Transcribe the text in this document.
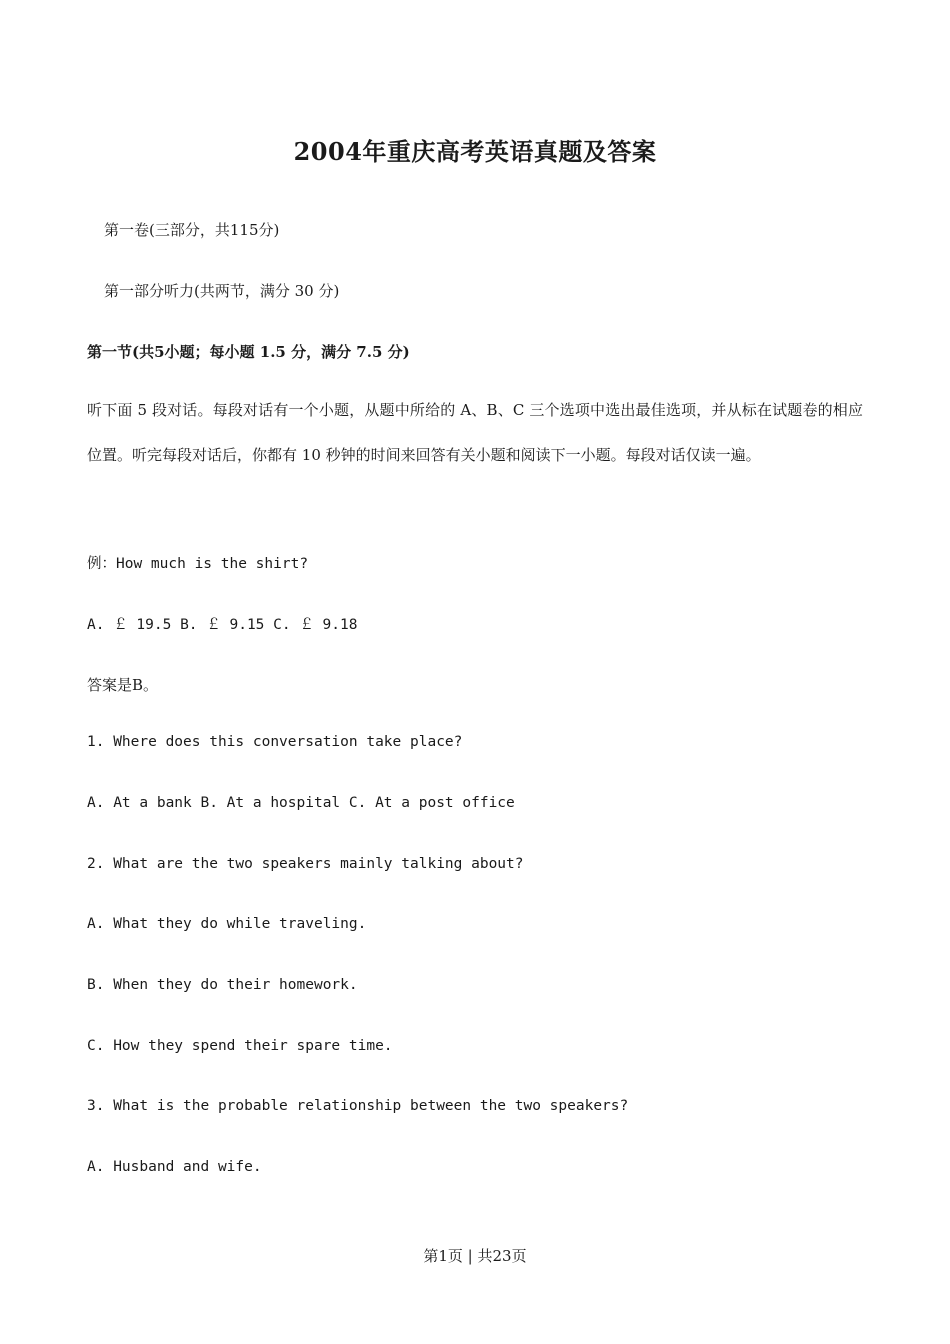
2004年重庆高考英语真题及答案
第一卷(三部分，共115分)
第一部分听力(共两节，满分 30 分)
第一节(共5小题；每小题 1.5 分，满分 7.5 分)
听下面 5 段对话。每段对话有一个小题，从题中所给的 A、B、C 三个选项中选出最佳选项，并从标在试题卷的相应位置。听完每段对话后，你都有 10 秒钟的时间来回答有关小题和阅读下一小题。每段对话仅读一遍。
例：How much is the shirt?
A. ￡ 19.5 B. ￡ 9.15 C. ￡ 9.18
答案是B。
1. Where does this conversation take place?
A. At a bank B. At a hospital C. At a post office
2. What are the two speakers mainly talking about?
A. What they do while traveling.
B. When they do their homework.
C. How they spend their spare time.
3. What is the probable relationship between the two speakers?
A. Husband and wife.
第1页 | 共23页
